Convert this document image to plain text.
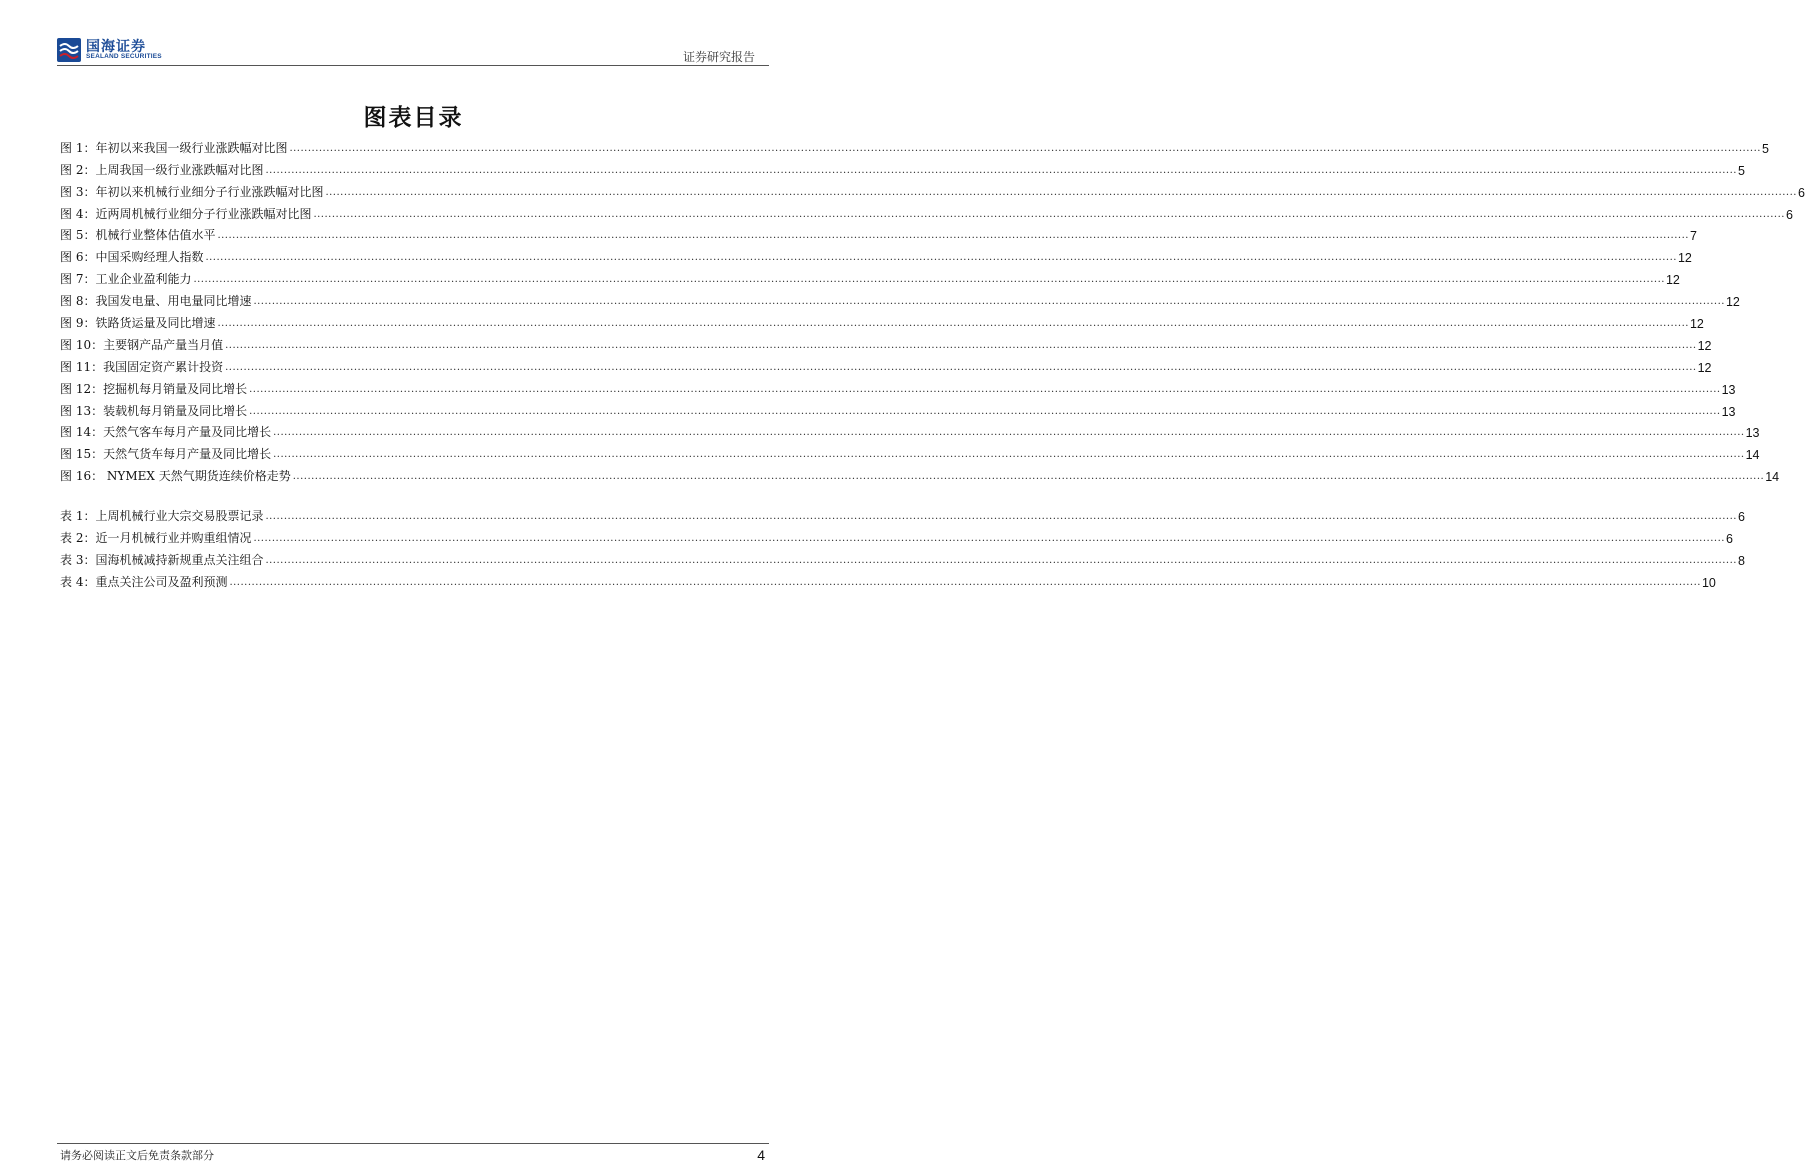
国海证券
SEALAND SECURITIES	证券研究报告
图表目录
图 1：年初以来我国一级行业涨跌幅对比图 ................................................................................................................................................................................................................................................................................................................................................................................................................ 5
图 2：上周我国一级行业涨跌幅对比图 ................................................................................................................................................................................................................................................................................................................................................................................................................ 5
图 3：年初以来机械行业细分子行业涨跌幅对比图 ................................................................................................................................................................................................................................................................................................................................................................................................................ 6
图 4：近两周机械行业细分子行业涨跌幅对比图 ................................................................................................................................................................................................................................................................................................................................................................................................................ 6
图 5：机械行业整体估值水平 ................................................................................................................................................................................................................................................................................................................................................................................................................ 7
图 6：中国采购经理人指数 ................................................................................................................................................................................................................................................................................................................................................................................................................ 12
图 7：工业企业盈利能力 ................................................................................................................................................................................................................................................................................................................................................................................................................ 12
图 8：我国发电量、用电量同比增速 ................................................................................................................................................................................................................................................................................................................................................................................................................ 12
图 9：铁路货运量及同比增速 ................................................................................................................................................................................................................................................................................................................................................................................................................ 12
图 10：主要钢产品产量当月值 ................................................................................................................................................................................................................................................................................................................................................................................................................ 12
图 11：我国固定资产累计投资 ................................................................................................................................................................................................................................................................................................................................................................................................................ 12
图 12：挖掘机每月销量及同比增长 ................................................................................................................................................................................................................................................................................................................................................................................................................ 13
图 13：装载机每月销量及同比增长 ................................................................................................................................................................................................................................................................................................................................................................................................................ 13
图 14：天然气客车每月产量及同比增长 ................................................................................................................................................................................................................................................................................................................................................................................................................ 13
图 15：天然气货车每月产量及同比增长 ................................................................................................................................................................................................................................................................................................................................................................................................................ 14
图 16： NYMEX 天然气期货连续价格走势 ................................................................................................................................................................................................................................................................................................................................................................................................................ 14
表 1：上周机械行业大宗交易股票记录 ................................................................................................................................................................................................................................................................................................................................................................................................................ 6
表 2：近一月机械行业并购重组情况 ................................................................................................................................................................................................................................................................................................................................................................................................................ 6
表 3：国海机械减持新规重点关注组合 ................................................................................................................................................................................................................................................................................................................................................................................................................ 8
表 4：重点关注公司及盈利预测 ................................................................................................................................................................................................................................................................................................................................................................................................................ 10
请务必阅读正文后免责条款部分	4
